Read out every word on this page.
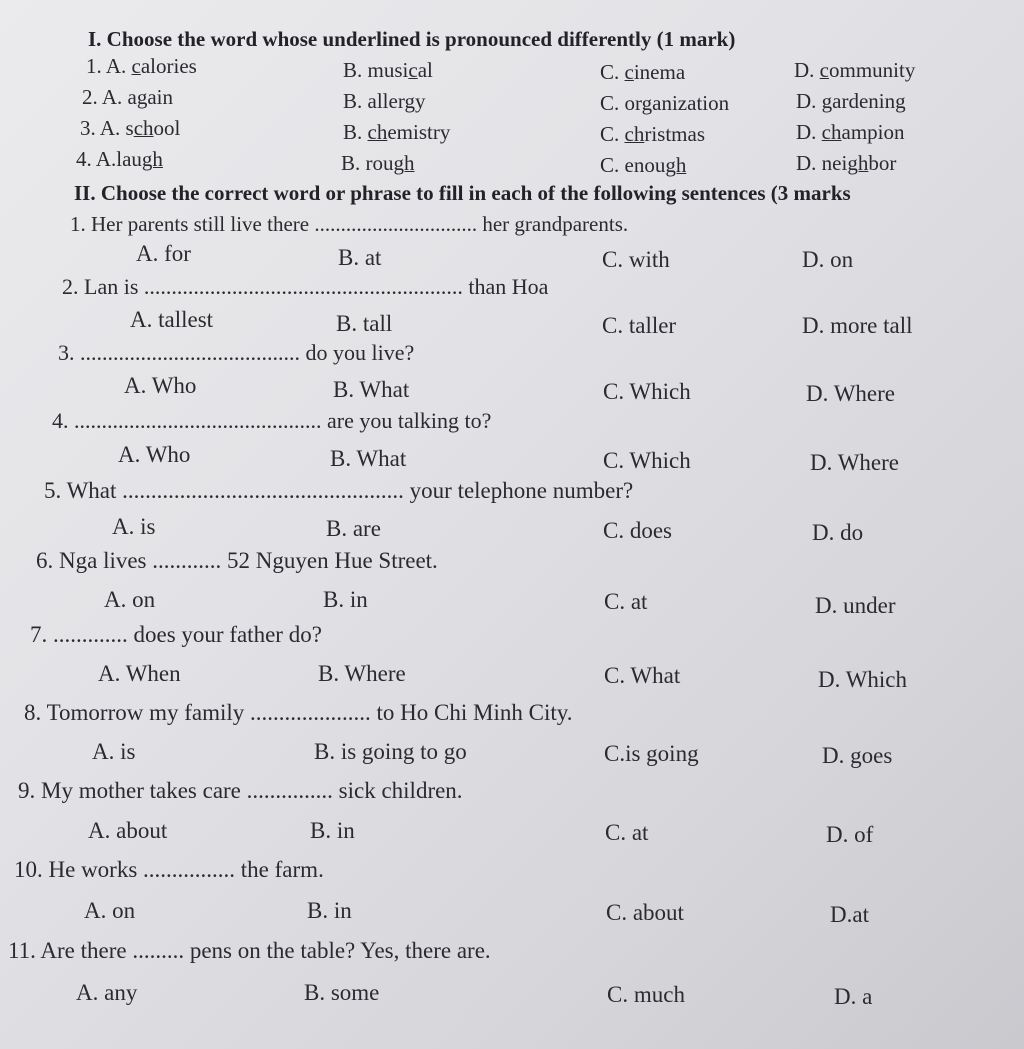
I. Choose the word whose underlined is pronounced differently (1 mark)
1. A. calories	B. musical	C. cinema	D. community
2. A. again	B. allergy	C. organization	D. gardening
3. A. school	B. chemistry	C. christmas	D. champion
4. A.laugh	B. rough	C. enough	D. neighbor
II. Choose the correct word or phrase to fill in each of the following sentences (3 marks
1. Her parents still live there ............................... her grandparents.
A. for	B. at	C. with	D. on
2. Lan is .......................................................... than Hoa
A. tallest	B. tall	C. taller	D. more tall
3. ........................................ do you live?
A. Who	B. What	C. Which	D. Where
4. ............................................. are you talking to?
A. Who	B. What	C. Which	D. Where
5. What ................................................. your telephone number?
A. is	B. are	C. does	D. do
6. Nga lives ............ 52 Nguyen Hue Street.
A. on	B. in	C. at	D. under
7. ............. does your father do?
A. When	B. Where	C. What	D. Which
8. Tomorrow my family ..................... to Ho Chi Minh City.
A. is	B. is going to go	C.is going	D. goes
9. My mother takes care ............... sick children.
A. about	B. in	C. at	D. of
10. He works ................ the farm.
A. on	B. in	C. about	D.at
11. Are there ......... pens on the table? Yes, there are.
A. any	B. some	C. much	D. a
